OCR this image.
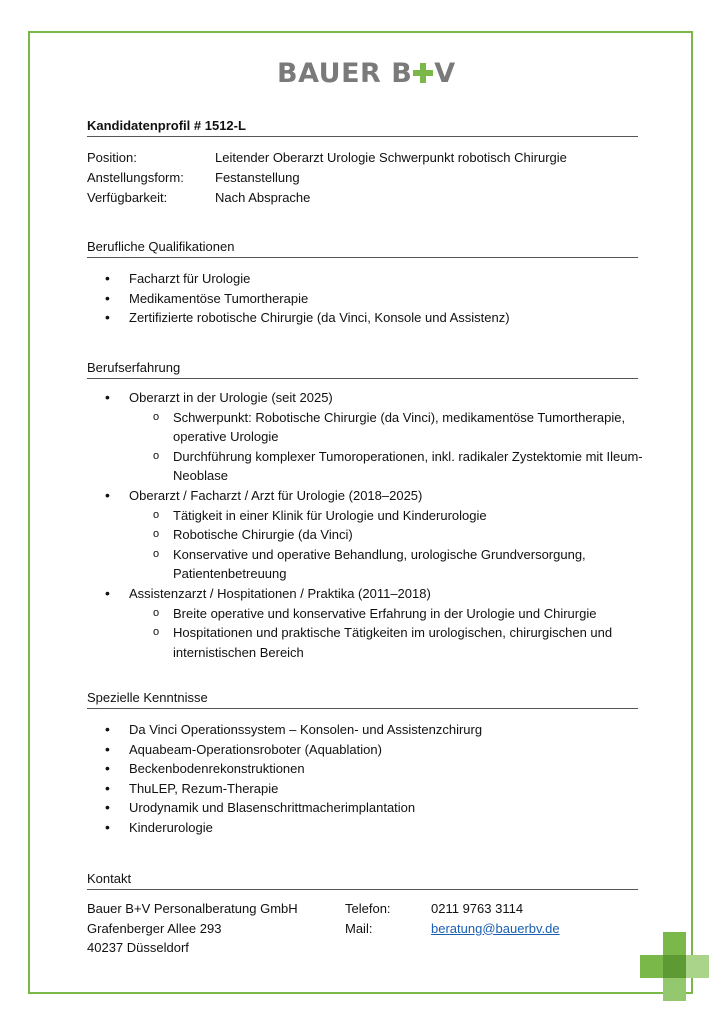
BAUER B V
Kandidatenprofil # 1512-L
Position:	Leitender Oberarzt Urologie Schwerpunkt robotisch Chirurgie
Anstellungsform: Festanstellung
Verfügbarkeit:	Nach Absprache
Berufliche Qualifikationen
• Facharzt für Urologie
• Medikamentöse Tumortherapie
• Zertifizierte robotische Chirurgie (da Vinci, Konsole und Assistenz)
Berufserfahrung
• Oberarzt in der Urologie (seit 2025)
o Schwerpunkt: Robotische Chirurgie (da Vinci), medikamentöse Tumortherapie, operative Urologie
o Durchführung komplexer Tumoroperationen, inkl. radikaler Zystektomie mit Ileum-Neoblase
• Oberarzt / Facharzt / Arzt für Urologie (2018–2025)
o Tätigkeit in einer Klinik für Urologie und Kinderurologie
o Robotische Chirurgie (da Vinci)
o Konservative und operative Behandlung, urologische Grundversorgung, Patientenbetreuung
• Assistenzarzt / Hospitationen / Praktika (2011–2018)
o Breite operative und konservative Erfahrung in der Urologie und Chirurgie
o Hospitationen und praktische Tätigkeiten im urologischen, chirurgischen und internistischen Bereich
Spezielle Kenntnisse
• Da Vinci Operationssystem – Konsolen- und Assistenzchirurg
• Aquabeam-Operationsroboter (Aquablation)
• Beckenbodenrekonstruktionen
• ThuLEP, Rezum-Therapie
• Urodynamik und Blasenschrittmacherimplantation
• Kinderurologie
Kontakt
Bauer B+V Personalberatung GmbH
Grafenberger Allee 293
40237 Düsseldorf
Telefon:
Mail:
0211 9763 3114
beratung@bauerbv.de
